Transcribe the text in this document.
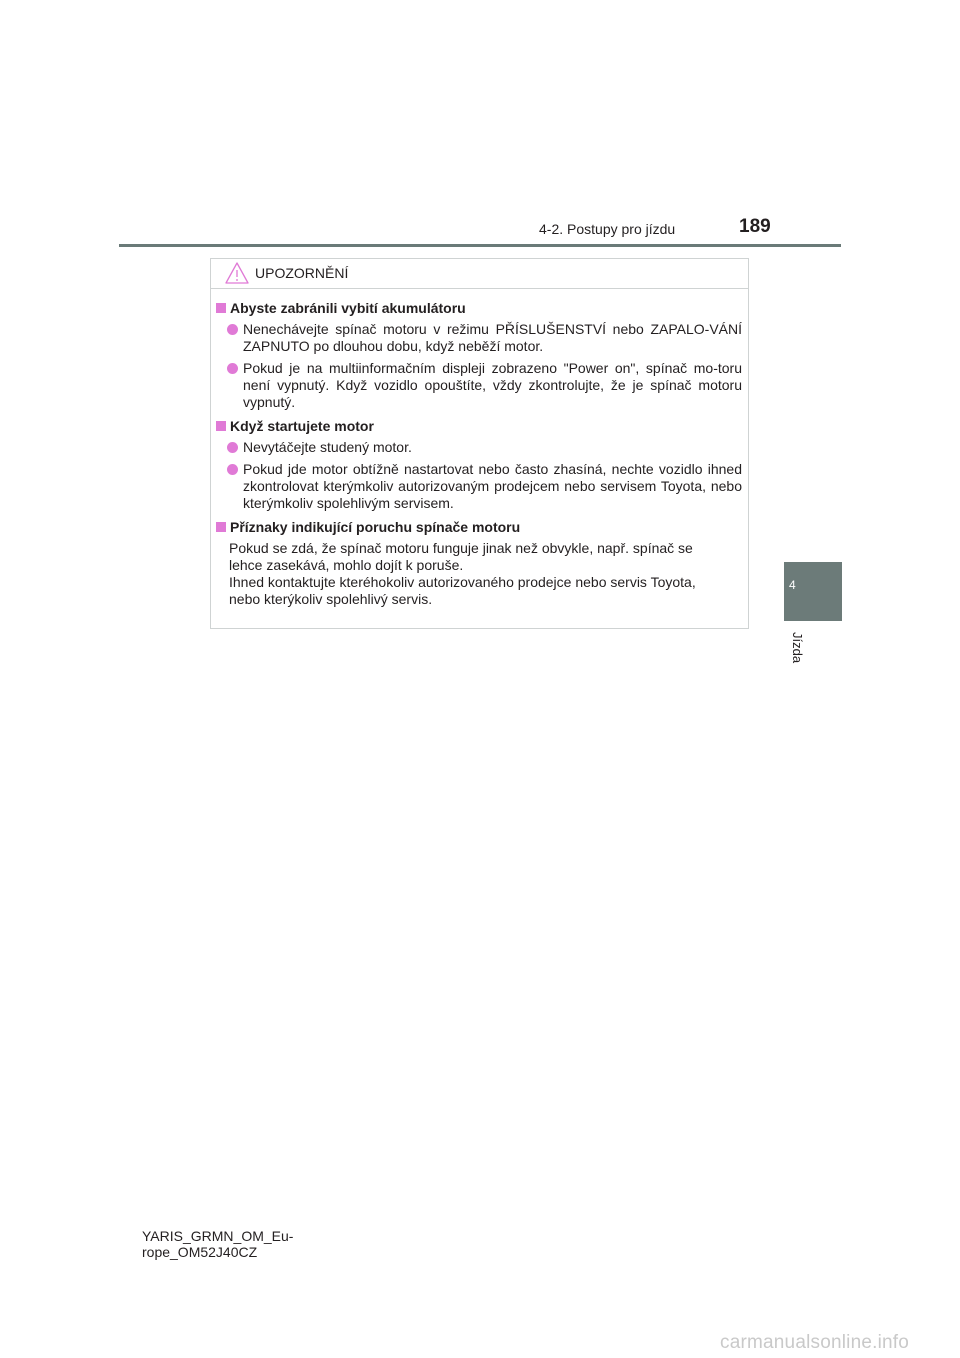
4-2. Postupy pro jízdu	189
4
Jízda
UPOZORNĚNÍ
Abyste zabránili vybití akumulátoru
Nenechávejte spínač motoru v režimu PŘÍSLUŠENSTVÍ nebo ZAPALO-VÁNÍ ZAPNUTO po dlouhou dobu, když neběží motor.
Pokud je na multiinformačním displeji zobrazeno "Power on", spínač mo-toru není vypnutý. Když vozidlo opouštíte, vždy zkontrolujte, že je spínač motoru vypnutý.
Když startujete motor
Nevytáčejte studený motor.
Pokud jde motor obtížně nastartovat nebo často zhasíná, nechte vozidlo ihned zkontrolovat kterýmkoliv autorizovaným prodejcem nebo servisem Toyota, nebo kterýmkoliv spolehlivým servisem.
Příznaky indikující poruchu spínače motoru

Pokud se zdá, že spínač motoru funguje jinak než obvykle, např. spínač se
lehce zasekává, mohlo dojít k poruše.
Ihned kontaktujte kteréhokoliv autorizovaného prodejce nebo servis Toyota,
nebo kterýkoliv spolehlivý servis.

YARIS_GRMN_OM_Eu-
rope_OM52J40CZ
carmanualsonline.info
